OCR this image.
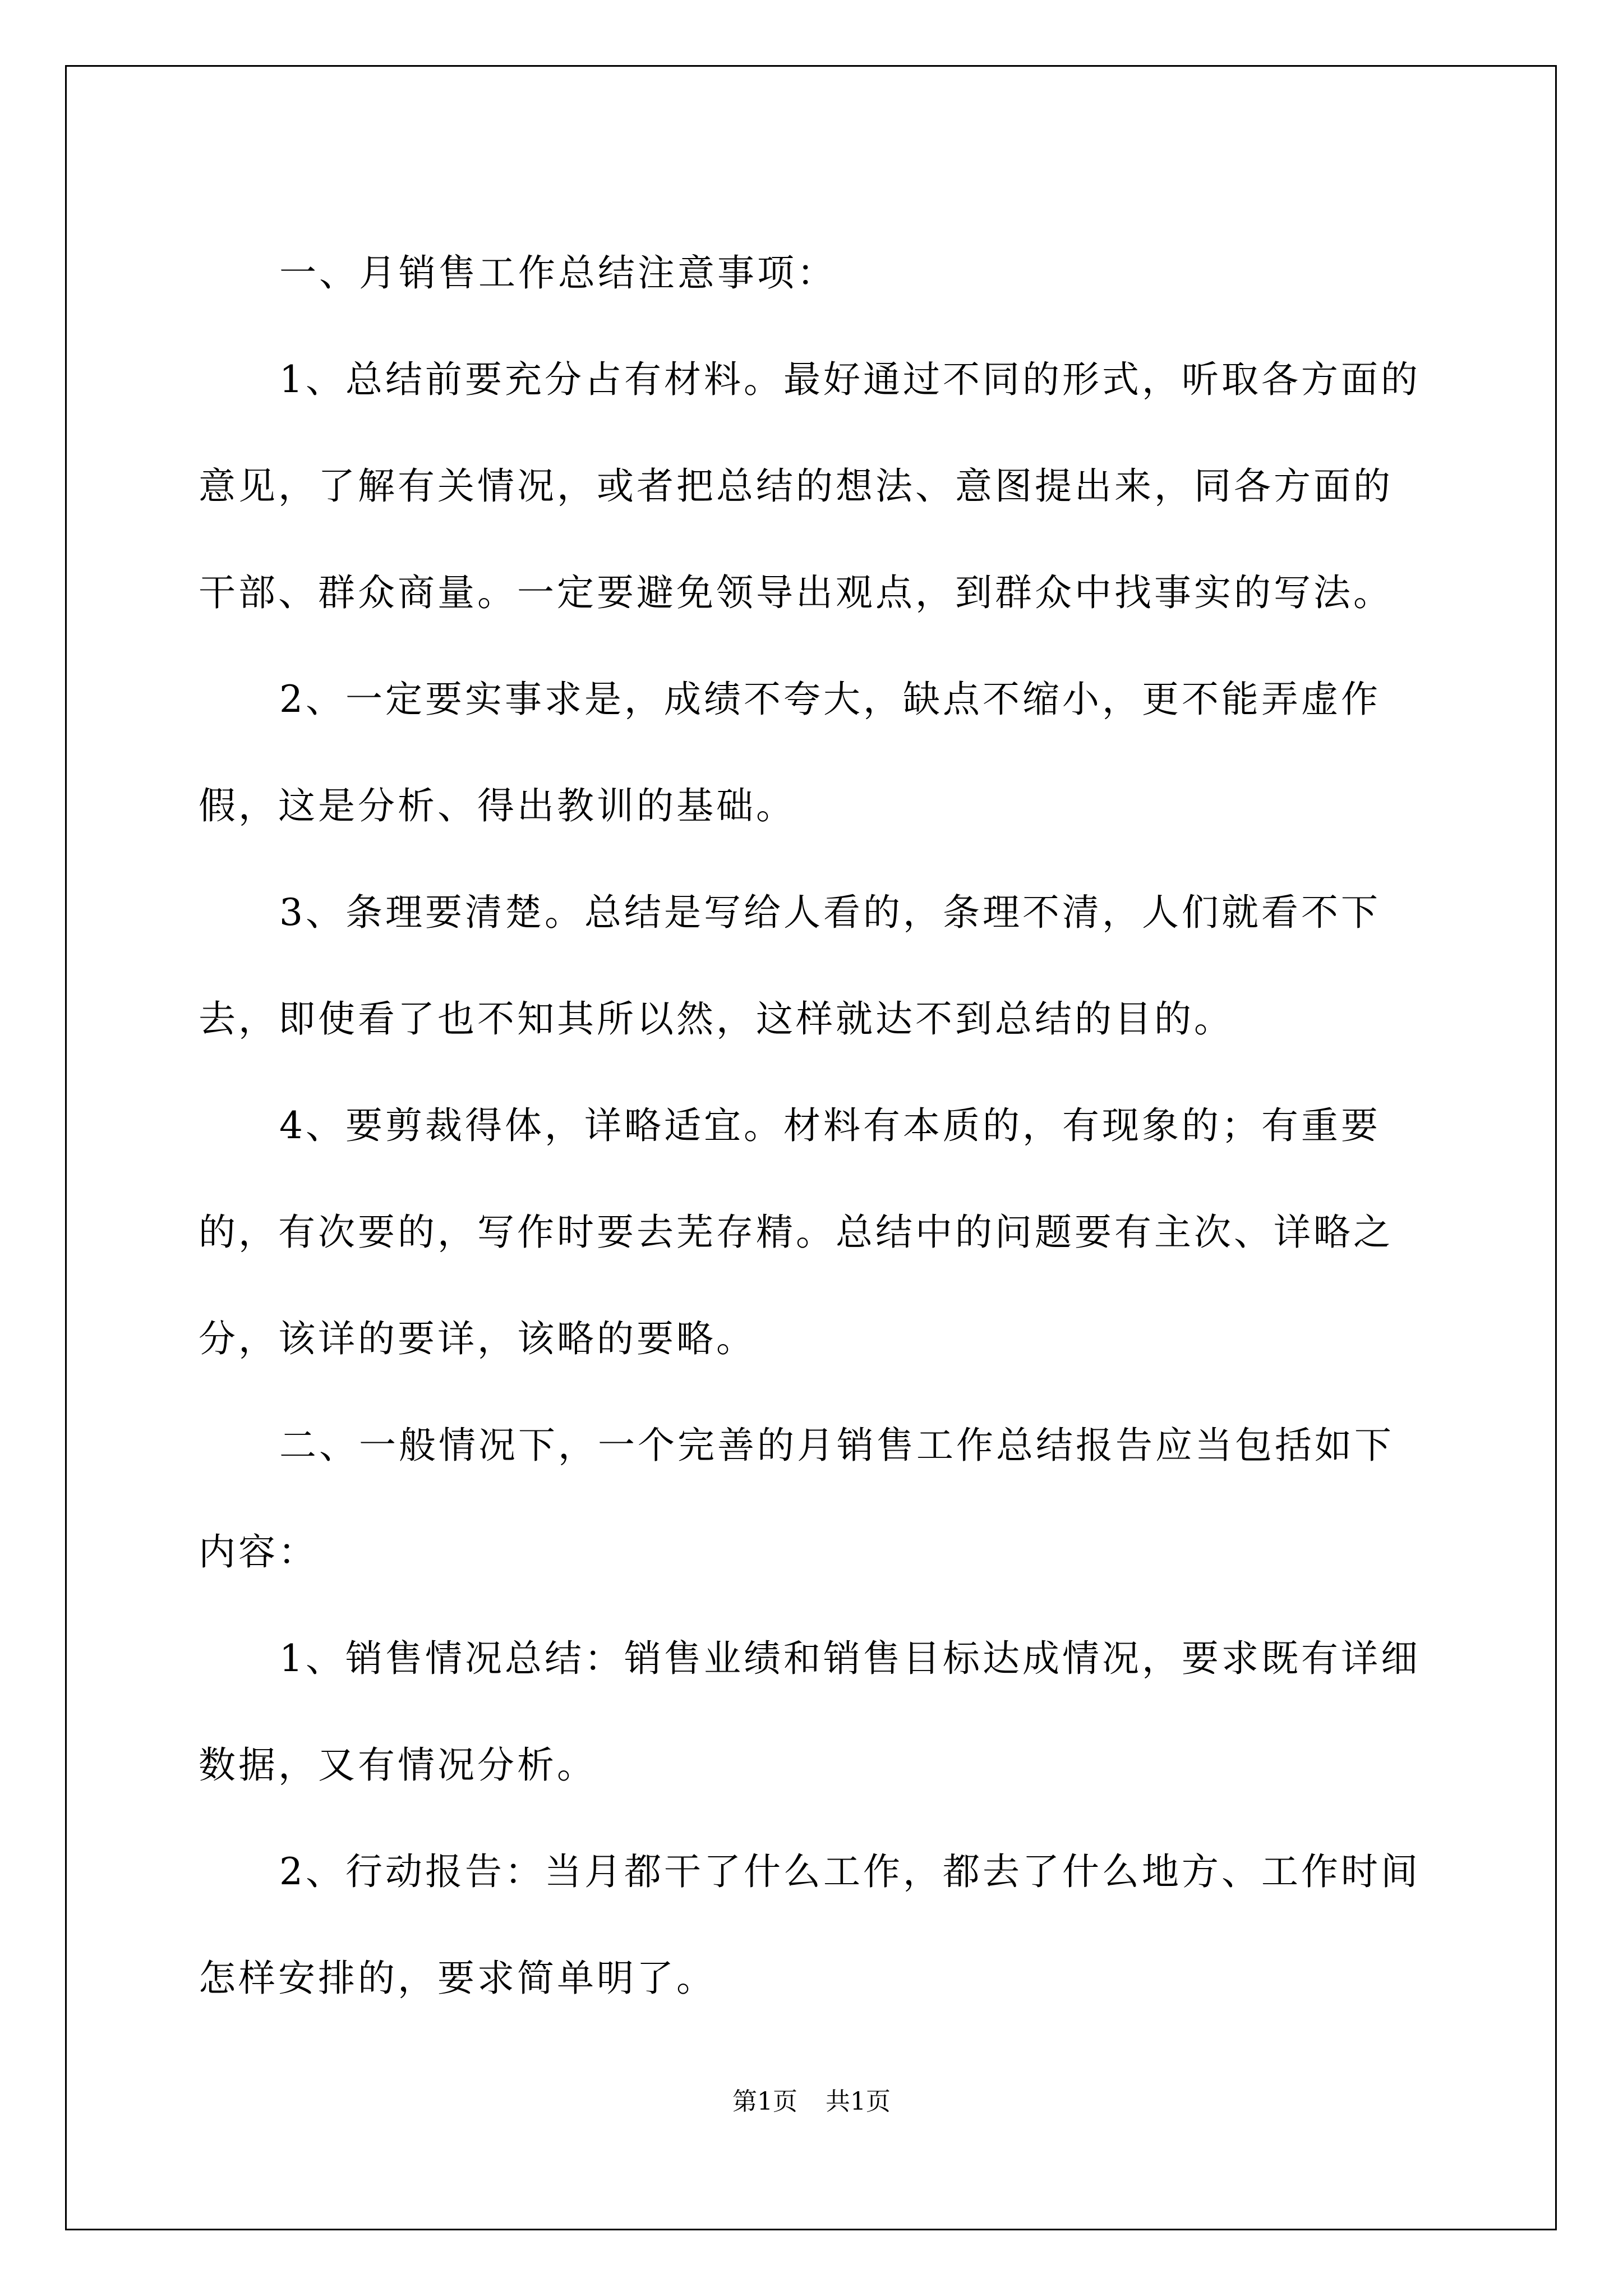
一、月销售工作总结注意事项：

1、总结前要充分占有材料。最好通过不同的形式，听取各方面的意见，了解有关情况，或者把总结的想法、意图提出来，同各方面的干部、群众商量。一定要避免领导出观点，到群众中找事实的写法。

2、一定要实事求是，成绩不夸大，缺点不缩小，更不能弄虚作假，这是分析、得出教训的基础。

3、条理要清楚。总结是写给人看的，条理不清，人们就看不下去，即使看了也不知其所以然，这样就达不到总结的目的。

4、要剪裁得体，详略适宜。材料有本质的，有现象的；有重要的，有次要的，写作时要去芜存精。总结中的问题要有主次、详略之分，该详的要详，该略的要略。

二、一般情况下，一个完善的月销售工作总结报告应当包括如下内容：

1、销售情况总结：销售业绩和销售目标达成情况，要求既有详细数据，又有情况分析。

2、行动报告：当月都干了什么工作，都去了什么地方、工作时间怎样安排的，要求简单明了。

第1页 共1页
